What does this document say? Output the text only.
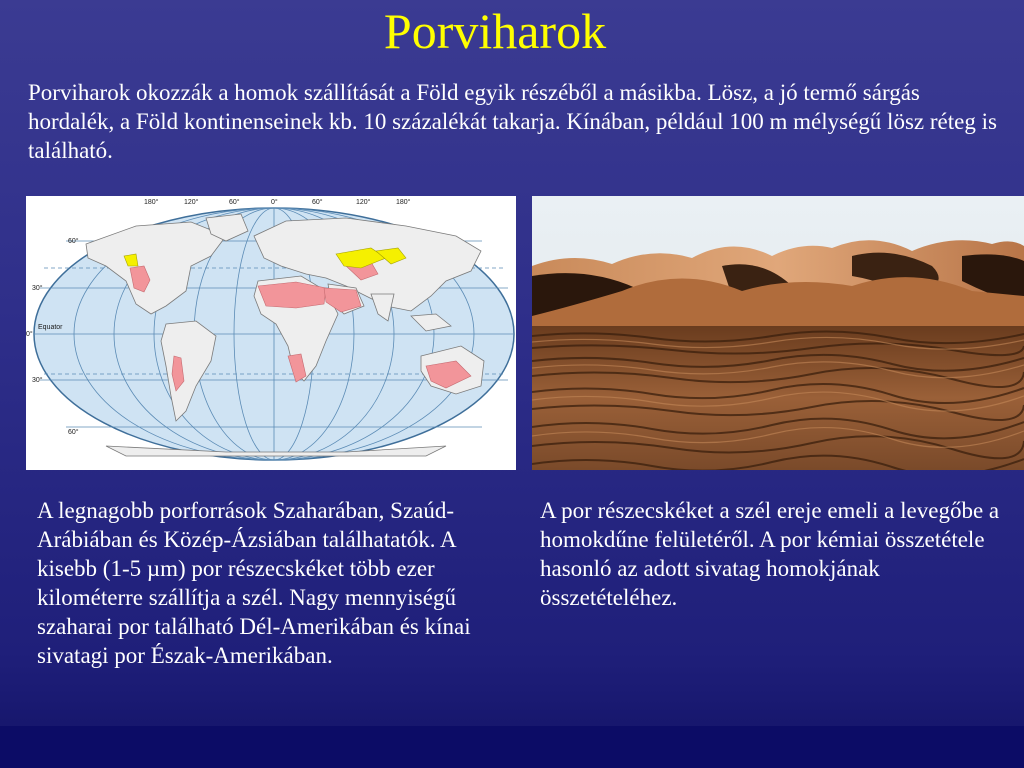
Porviharok
Porviharok okozzák a homok szállítását a Föld egyik részéből a másikba. Lösz, a jó termő sárgás hordalék, a Föld kontinenseinek kb. 10 százalékát takarja. Kínában, például 100 m mélységű lösz réteg is található.
180°	120°	60°	0°	60°	120°	180°
60°
30°
0°
30°
60°
Equator
A legnagobb porforrások Szaharában, Szaúd-Arábiában és Közép-Ázsiában találhatatók. A kisebb (1-5 µm) por részecskéket több ezer kilométerre szállítja a szél. Nagy mennyiségű szaharai por található Dél-Amerikában és kínai sivatagi por Észak-Amerikában.
A por részecskéket a szél ereje emeli a levegőbe a homokdűne felületéről. A por kémiai összetétele hasonló az adott sivatag homokjának összetételéhez.
